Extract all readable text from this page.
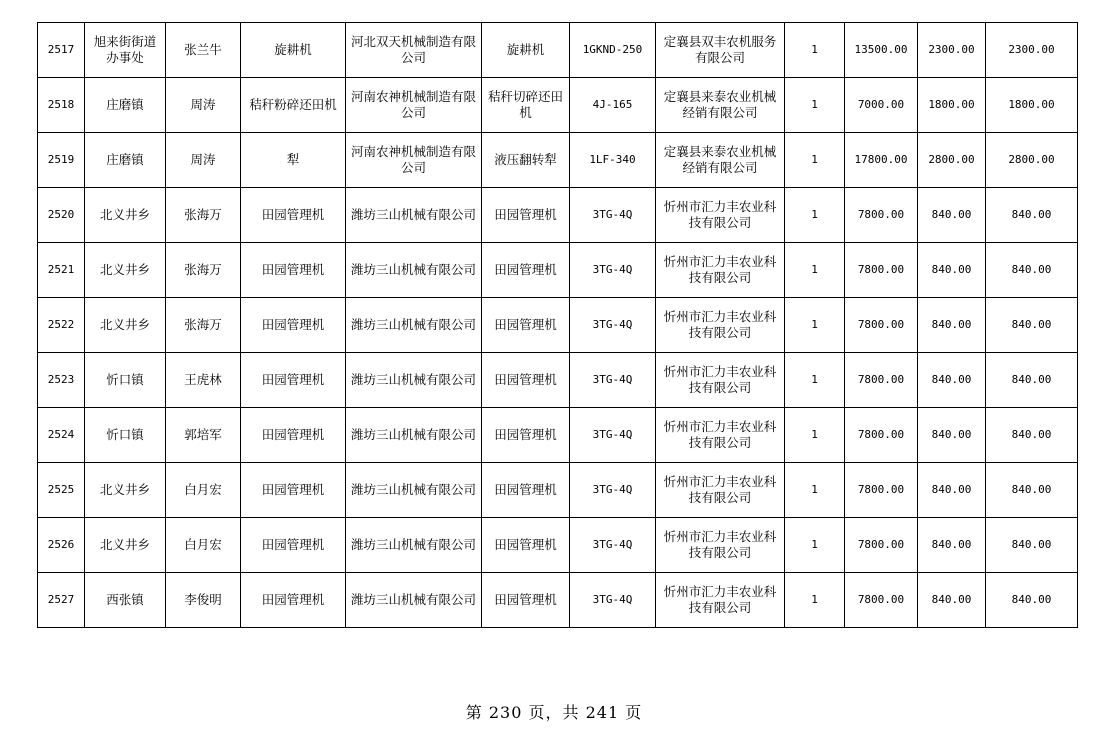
2517	旭来街街道办事处	张兰牛	旋耕机	河北双天机械制造有限公司	旋耕机	1GKND-250	定襄县双丰农机服务有限公司	1	13500.00	2300.00	2300.00
2518	庄磨镇	周涛	秸秆粉碎还田机	河南农神机械制造有限公司	秸秆切碎还田机	4J-165	定襄县来泰农业机械经销有限公司	1	7000.00	1800.00	1800.00
2519	庄磨镇	周涛	犁	河南农神机械制造有限公司	液压翻转犁	1LF-340	定襄县来泰农业机械经销有限公司	1	17800.00	2800.00	2800.00
2520	北义井乡	张海万	田园管理机	潍坊三山机械有限公司	田园管理机	3TG-4Q	忻州市汇力丰农业科技有限公司	1	7800.00	840.00	840.00
2521	北义井乡	张海万	田园管理机	潍坊三山机械有限公司	田园管理机	3TG-4Q	忻州市汇力丰农业科技有限公司	1	7800.00	840.00	840.00
2522	北义井乡	张海万	田园管理机	潍坊三山机械有限公司	田园管理机	3TG-4Q	忻州市汇力丰农业科技有限公司	1	7800.00	840.00	840.00
2523	忻口镇	王虎林	田园管理机	潍坊三山机械有限公司	田园管理机	3TG-4Q	忻州市汇力丰农业科技有限公司	1	7800.00	840.00	840.00
2524	忻口镇	郭培军	田园管理机	潍坊三山机械有限公司	田园管理机	3TG-4Q	忻州市汇力丰农业科技有限公司	1	7800.00	840.00	840.00
2525	北义井乡	白月宏	田园管理机	潍坊三山机械有限公司	田园管理机	3TG-4Q	忻州市汇力丰农业科技有限公司	1	7800.00	840.00	840.00
2526	北义井乡	白月宏	田园管理机	潍坊三山机械有限公司	田园管理机	3TG-4Q	忻州市汇力丰农业科技有限公司	1	7800.00	840.00	840.00
2527	西张镇	李俊明	田园管理机	潍坊三山机械有限公司	田园管理机	3TG-4Q	忻州市汇力丰农业科技有限公司	1	7800.00	840.00	840.00
第 230 页，共 241 页
